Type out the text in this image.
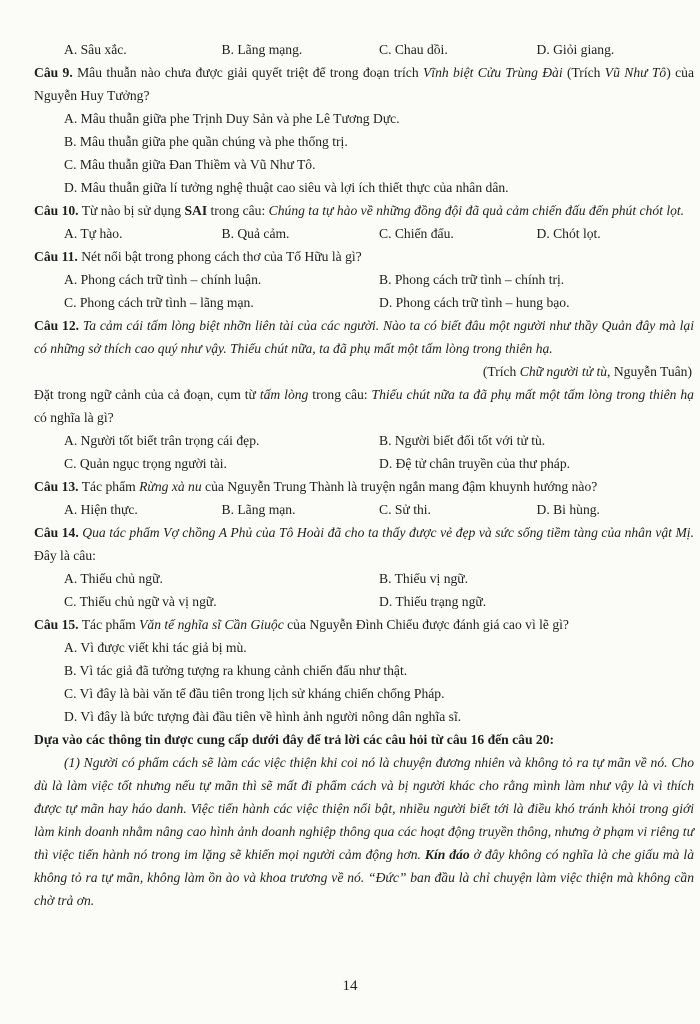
A. Sâu xắc.	B. Lãng mạng.	C. Chau dồi.	D. Giỏi giang.

Câu 9. Mâu thuẫn nào chưa được giải quyết triệt để trong đoạn trích Vĩnh biệt Cửu Trùng Đài (Trích Vũ Như Tô) của Nguyễn Huy Tưởng?

A. Mâu thuẫn giữa phe Trịnh Duy Sản và phe Lê Tương Dực.
B. Mâu thuẫn giữa phe quần chúng và phe thống trị.
C. Mâu thuẫn giữa Đan Thiềm và Vũ Như Tô.
D. Mâu thuẫn giữa lí tưởng nghệ thuật cao siêu và lợi ích thiết thực của nhân dân.

Câu 10. Từ nào bị sử dụng SAI trong câu: Chúng ta tự hào về những đồng đội đã quả cảm chiến đấu đến phút chót lọt.

A. Tự hào.	B. Quả cảm.	C. Chiến đấu.	D. Chót lọt.

Câu 11. Nét nổi bật trong phong cách thơ của Tố Hữu là gì?

A. Phong cách trữ tình – chính luận.	B. Phong cách trữ tình – chính trị.
C. Phong cách trữ tình – lãng mạn.	D. Phong cách trữ tình – hung bạo.

Câu 12. Ta cảm cái tấm lòng biệt nhỡn liên tài của các người. Nào ta có biết đâu một người như thầy Quản đây mà lại có những sở thích cao quý như vậy. Thiếu chút nữa, ta đã phụ mất một tấm lòng trong thiên hạ.

(Trích Chữ người tử tù, Nguyễn Tuân)

Đặt trong ngữ cảnh của cả đoạn, cụm từ tấm lòng trong câu: Thiếu chút nữa ta đã phụ mất một tấm lòng trong thiên hạ có nghĩa là gì?

A. Người tốt biết trân trọng cái đẹp.	B. Người biết đối tốt với tử tù.
C. Quản ngục trọng người tài.	D. Đệ tử chân truyền của thư pháp.

Câu 13. Tác phẩm Rừng xà nu của Nguyễn Trung Thành là truyện ngắn mang đậm khuynh hướng nào?

A. Hiện thực.	B. Lãng mạn.	C. Sử thi.	D. Bi hùng.

Câu 14. Qua tác phẩm Vợ chồng A Phủ của Tô Hoài đã cho ta thấy được vẻ đẹp và sức sống tiềm tàng của nhân vật Mị. Đây là câu:

A. Thiếu chủ ngữ.	B. Thiếu vị ngữ.
C. Thiếu chủ ngữ và vị ngữ.	D. Thiếu trạng ngữ.

Câu 15. Tác phẩm Văn tế nghĩa sĩ Cần Giuộc của Nguyễn Đình Chiểu được đánh giá cao vì lẽ gì?

A. Vì được viết khi tác giả bị mù.
B. Vì tác giả đã tưởng tượng ra khung cảnh chiến đấu như thật.
C. Vì đây là bài văn tế đầu tiên trong lịch sử kháng chiến chống Pháp.
D. Vì đây là bức tượng đài đầu tiên về hình ảnh người nông dân nghĩa sĩ.
Dựa vào các thông tin được cung cấp dưới đây để trả lời các câu hỏi từ câu 16 đến câu 20:

(1) Người có phẩm cách sẽ làm các việc thiện khi coi nó là chuyện đương nhiên và không tỏ ra tự mãn về nó. Cho dù là làm việc tốt nhưng nếu tự mãn thì sẽ mất đi phẩm cách và bị người khác cho rằng mình làm như vậy là vì thích được tự mãn hay háo danh. Việc tiến hành các việc thiện nổi bật, nhiều người biết tới là điều khó tránh khỏi trong giới làm kinh doanh nhằm nâng cao hình ảnh doanh nghiệp thông qua các hoạt động truyền thông, nhưng ở phạm vi riêng tư thì việc tiến hành nó trong im lặng sẽ khiến mọi người cảm động hơn. Kín đáo ở đây không có nghĩa là che giấu mà là không tỏ ra tự mãn, không làm ồn ào và khoa trương về nó. “Đức” ban đầu là chỉ chuyện làm việc thiện mà không cần chờ trả ơn.

14
